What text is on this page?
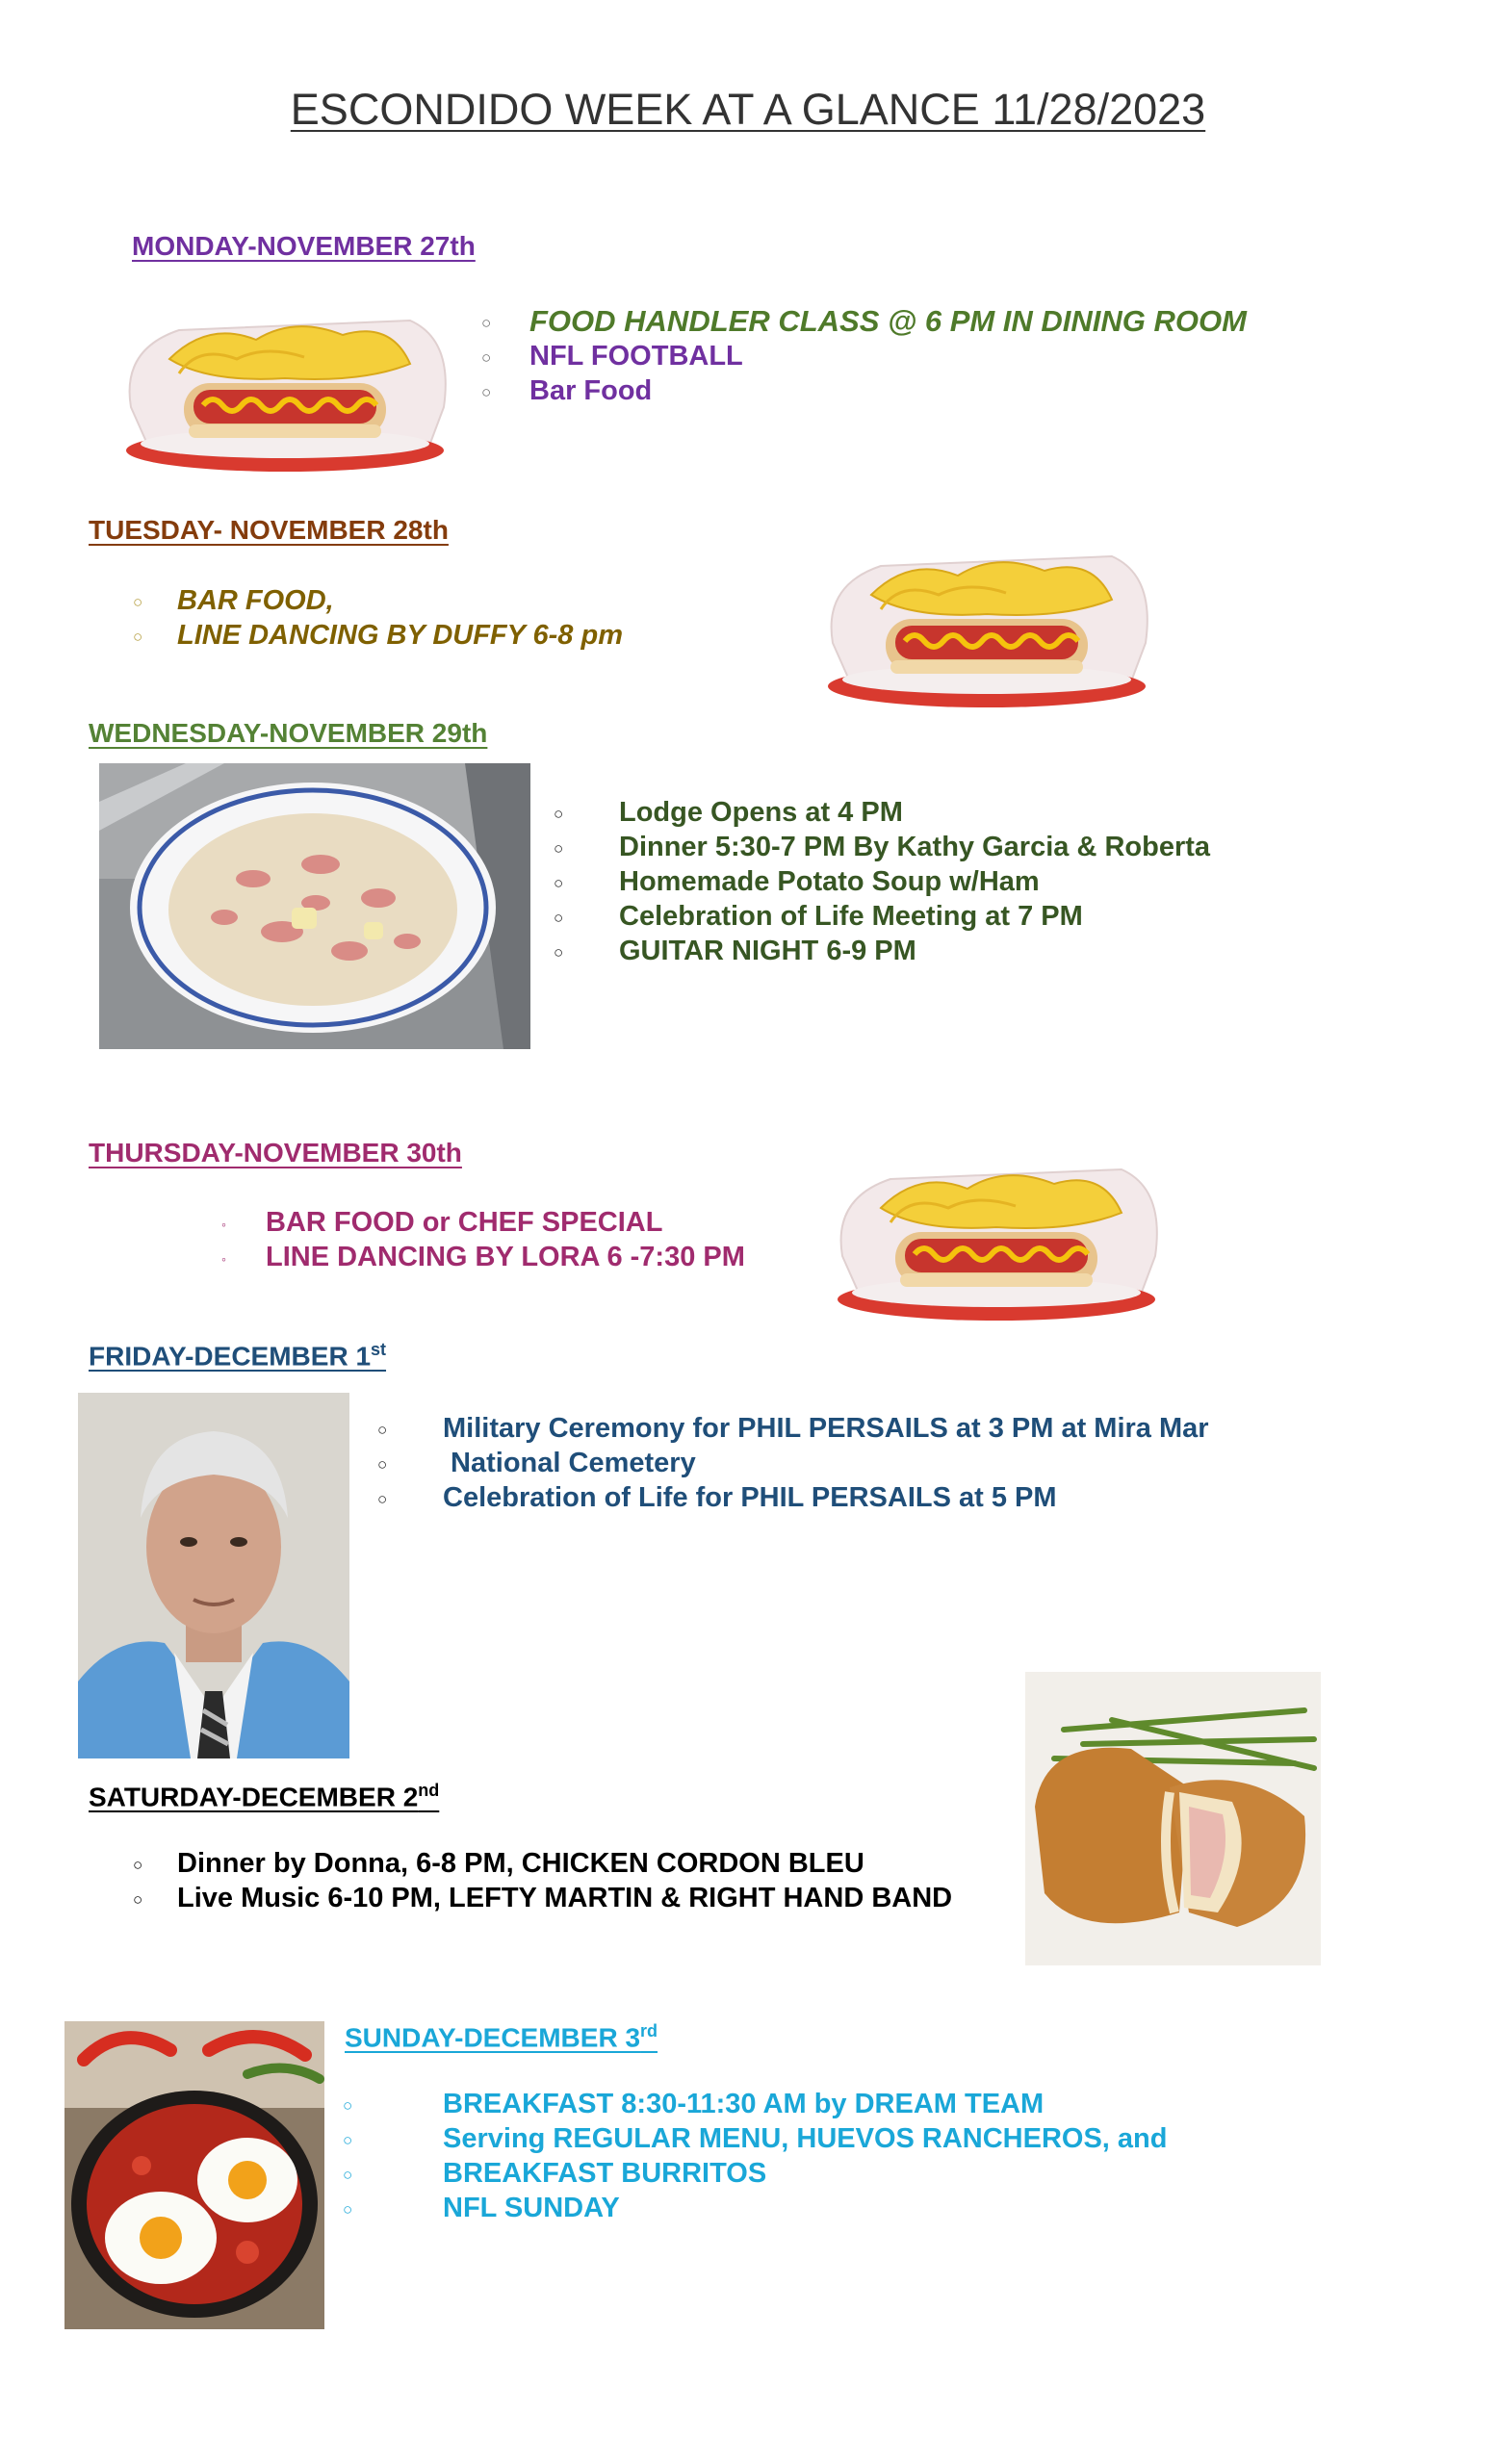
ESCONDIDO WEEK AT A GLANCE 11/28/2023
MONDAY-NOVEMBER 27th
○ FOOD HANDLER CLASS @ 6 PM IN DINING ROOM
○ NFL FOOTBALL
○ Bar Food
TUESDAY- NOVEMBER 28th
○ BAR FOOD,
○ LINE DANCING BY DUFFY 6-8 pm
WEDNESDAY-NOVEMBER 29th
○ Lodge Opens at 4 PM
○ Dinner 5:30-7 PM By Kathy Garcia & Roberta
○ Homemade Potato Soup w/Ham
○ Celebration of Life Meeting at 7 PM
○ GUITAR NIGHT 6-9 PM
THURSDAY-NOVEMBER 30th
◦ BAR FOOD or CHEF SPECIAL
◦ LINE DANCING BY LORA 6 -7:30 PM
FRIDAY-DECEMBER 1st
○ Military Ceremony for PHIL PERSAILS at 3 PM at Mira Mar
○ National Cemetery
○ Celebration of Life for PHIL PERSAILS at 5 PM
SATURDAY-DECEMBER 2nd
○ Dinner by Donna, 6-8 PM, CHICKEN CORDON BLEU
○ Live Music 6-10 PM, LEFTY MARTIN & RIGHT HAND BAND
SUNDAY-DECEMBER 3rd
○	BREAKFAST 8:30-11:30 AM by DREAM TEAM
○	Serving REGULAR MENU, HUEVOS RANCHEROS, and
○	BREAKFAST BURRITOS
○	NFL SUNDAY
